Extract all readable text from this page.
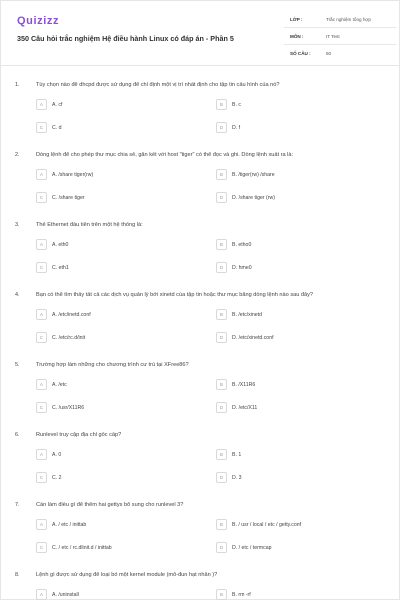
Quizizz
350 Câu hỏi trắc nghiệm Hệ điều hành Linux có đáp án - Phần 5
LỚP :	Trắc nghiệm tổng hợp
MÔN :	IT Test
SỐ CÂU :	50
1.	Tùy chọn nào để dhcpd được sử dụng để chỉ định một vị trí nhất định cho tập tin cấu hình của nó?
A	A. cf	B	B. c
C	C. d	D	D. f
2.	Dòng lệnh để cho phép thư mục chia sẻ, gắn kết với host "tiger" có thể đọc và ghi. Dòng lệnh xuất ra là:
A	A. /share tiger(rw)	B	B. /tiger(rw) /share
C	C. /share tiger	D	D. /share tiger (rw)
3.	Thẻ Ethernet đầu tiên trên một hệ thống là:
A	A. eth0	B	B. etho0
C	C. eth1	D	D. hme0
4.	Bạn có thể tìm thấy tất cả các dịch vụ quản lý bởi xinetd của tập tin hoặc thư mục bằng dòng lệnh nào sau đây?
A	A. /etc/inetd.conf	B	B. /etc/xinetd
C	C. /etc/rc.d/init	D	D. /etc/xinetd.conf
5.	Trường hợp làm những cho chương trình cư trú tại XFree86?
A	A. /etc	B	B. /X11R6
C	C. /usr/X11R6	D	D. /etc/X11
6.	Runlevel truy cập địa chỉ gốc cấp?
A	A. 0	B	B. 1
C	C. 2	D	D. 3
7.	Cần làm điều gì để thêm hai gettys bổ sung cho runlevel 3?
A	A. / etc / inittab	B	B. / usr / local / etc / getty.conf
C	C. / etc / rc.dlinit.d / inittab	D	D. / etc / termcap
8.	Lệnh gì được sử dụng để loại bỏ một kernel module (mô-đun hạt nhân )?
A	A. /uninstall	B	B. rm -rf
